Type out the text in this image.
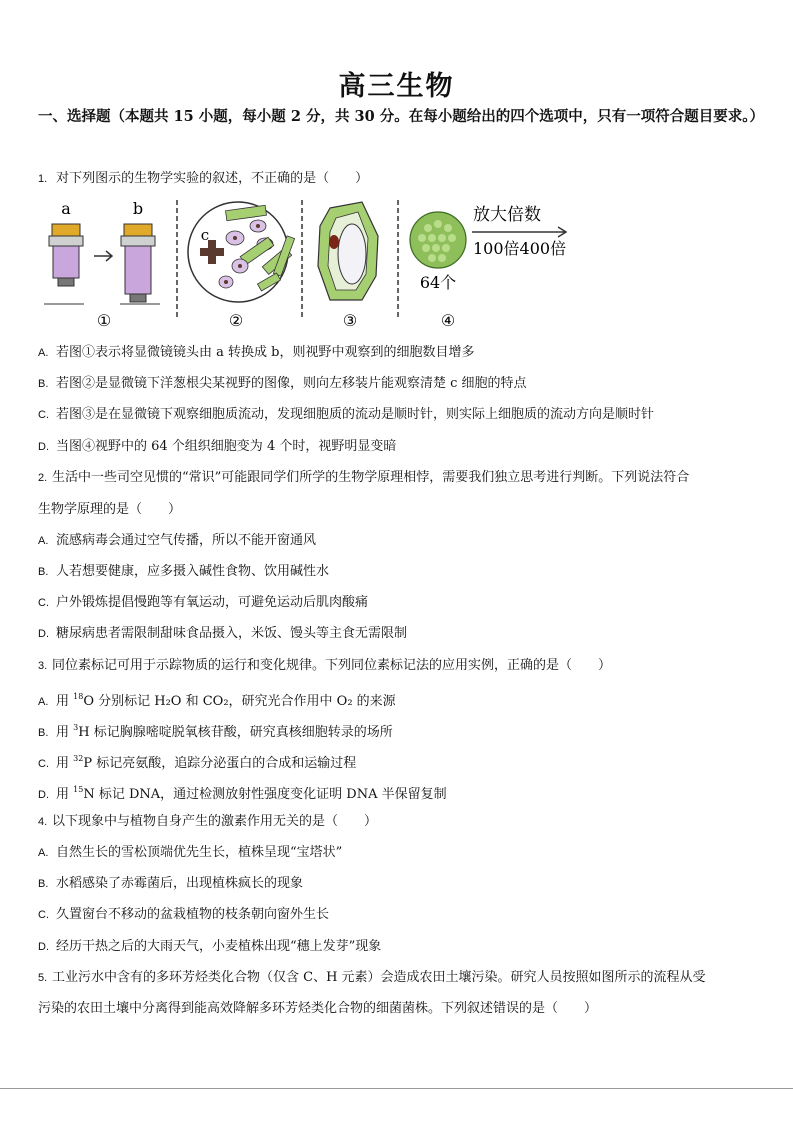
高三生物
一、选择题（本题共 15 小题，每小题 2 分，共 30 分。在每小题给出的四个选项中，只有一项符合题目要求。）
1. 对下列图示的生物学实验的叙述，不正确的是（　　）
a	b
①
c
②	③
放大倍数
100倍400倍
64个
④
A. 若图①表示将显微镜镜头由 a 转换成 b，则视野中观察到的细胞数目增多
B. 若图②是显微镜下洋葱根尖某视野的图像，则向左移装片能观察清楚 c 细胞的特点
C. 若图③是在显微镜下观察细胞质流动，发现细胞质的流动是顺时针，则实际上细胞质的流动方向是顺时针
D. 当图④视野中的 64 个组织细胞变为 4 个时，视野明显变暗
2. 生活中一些司空见惯的“常识”可能跟同学们所学的生物学原理相悖，需要我们独立思考进行判断。下列说法符合
生物学原理的是（　　）
A. 流感病毒会通过空气传播，所以不能开窗通风
B. 人若想要健康，应多摄入碱性食物、饮用碱性水
C. 户外锻炼提倡慢跑等有氧运动，可避免运动后肌肉酸痛
D. 糖尿病患者需限制甜味食品摄入，米饭、馒头等主食无需限制
3. 同位素标记可用于示踪物质的运行和变化规律。下列同位素标记法的应用实例，正确的是（　　）
A. 用 $^{18}$O 分别标记 H₂O 和 CO₂，研究光合作用中 O₂ 的来源
B. 用 $^3$H 标记胸腺嘧啶脱氧核苷酸，研究真核细胞转录的场所
C. 用 $^{32}$P 标记亮氨酸，追踪分泌蛋白的合成和运输过程
D. 用 $^{15}$N 标记 DNA，通过检测放射性强度变化证明 DNA 半保留复制
4. 以下现象中与植物自身产生的激素作用无关的是（　　）
A. 自然生长的雪松顶端优先生长，植株呈现“宝塔状”
B. 水稻感染了赤霉菌后，出现植株疯长的现象
C. 久置窗台不移动的盆栽植物的枝条朝向窗外生长
D. 经历干热之后的大雨天气，小麦植株出现“穗上发芽”现象
5. 工业污水中含有的多环芳烃类化合物（仅含 C、H 元素）会造成农田土壤污染。研究人员按照如图所示的流程从受
污染的农田土壤中分离得到能高效降解多环芳烃类化合物的细菌菌株。下列叙述错误的是（　　）
